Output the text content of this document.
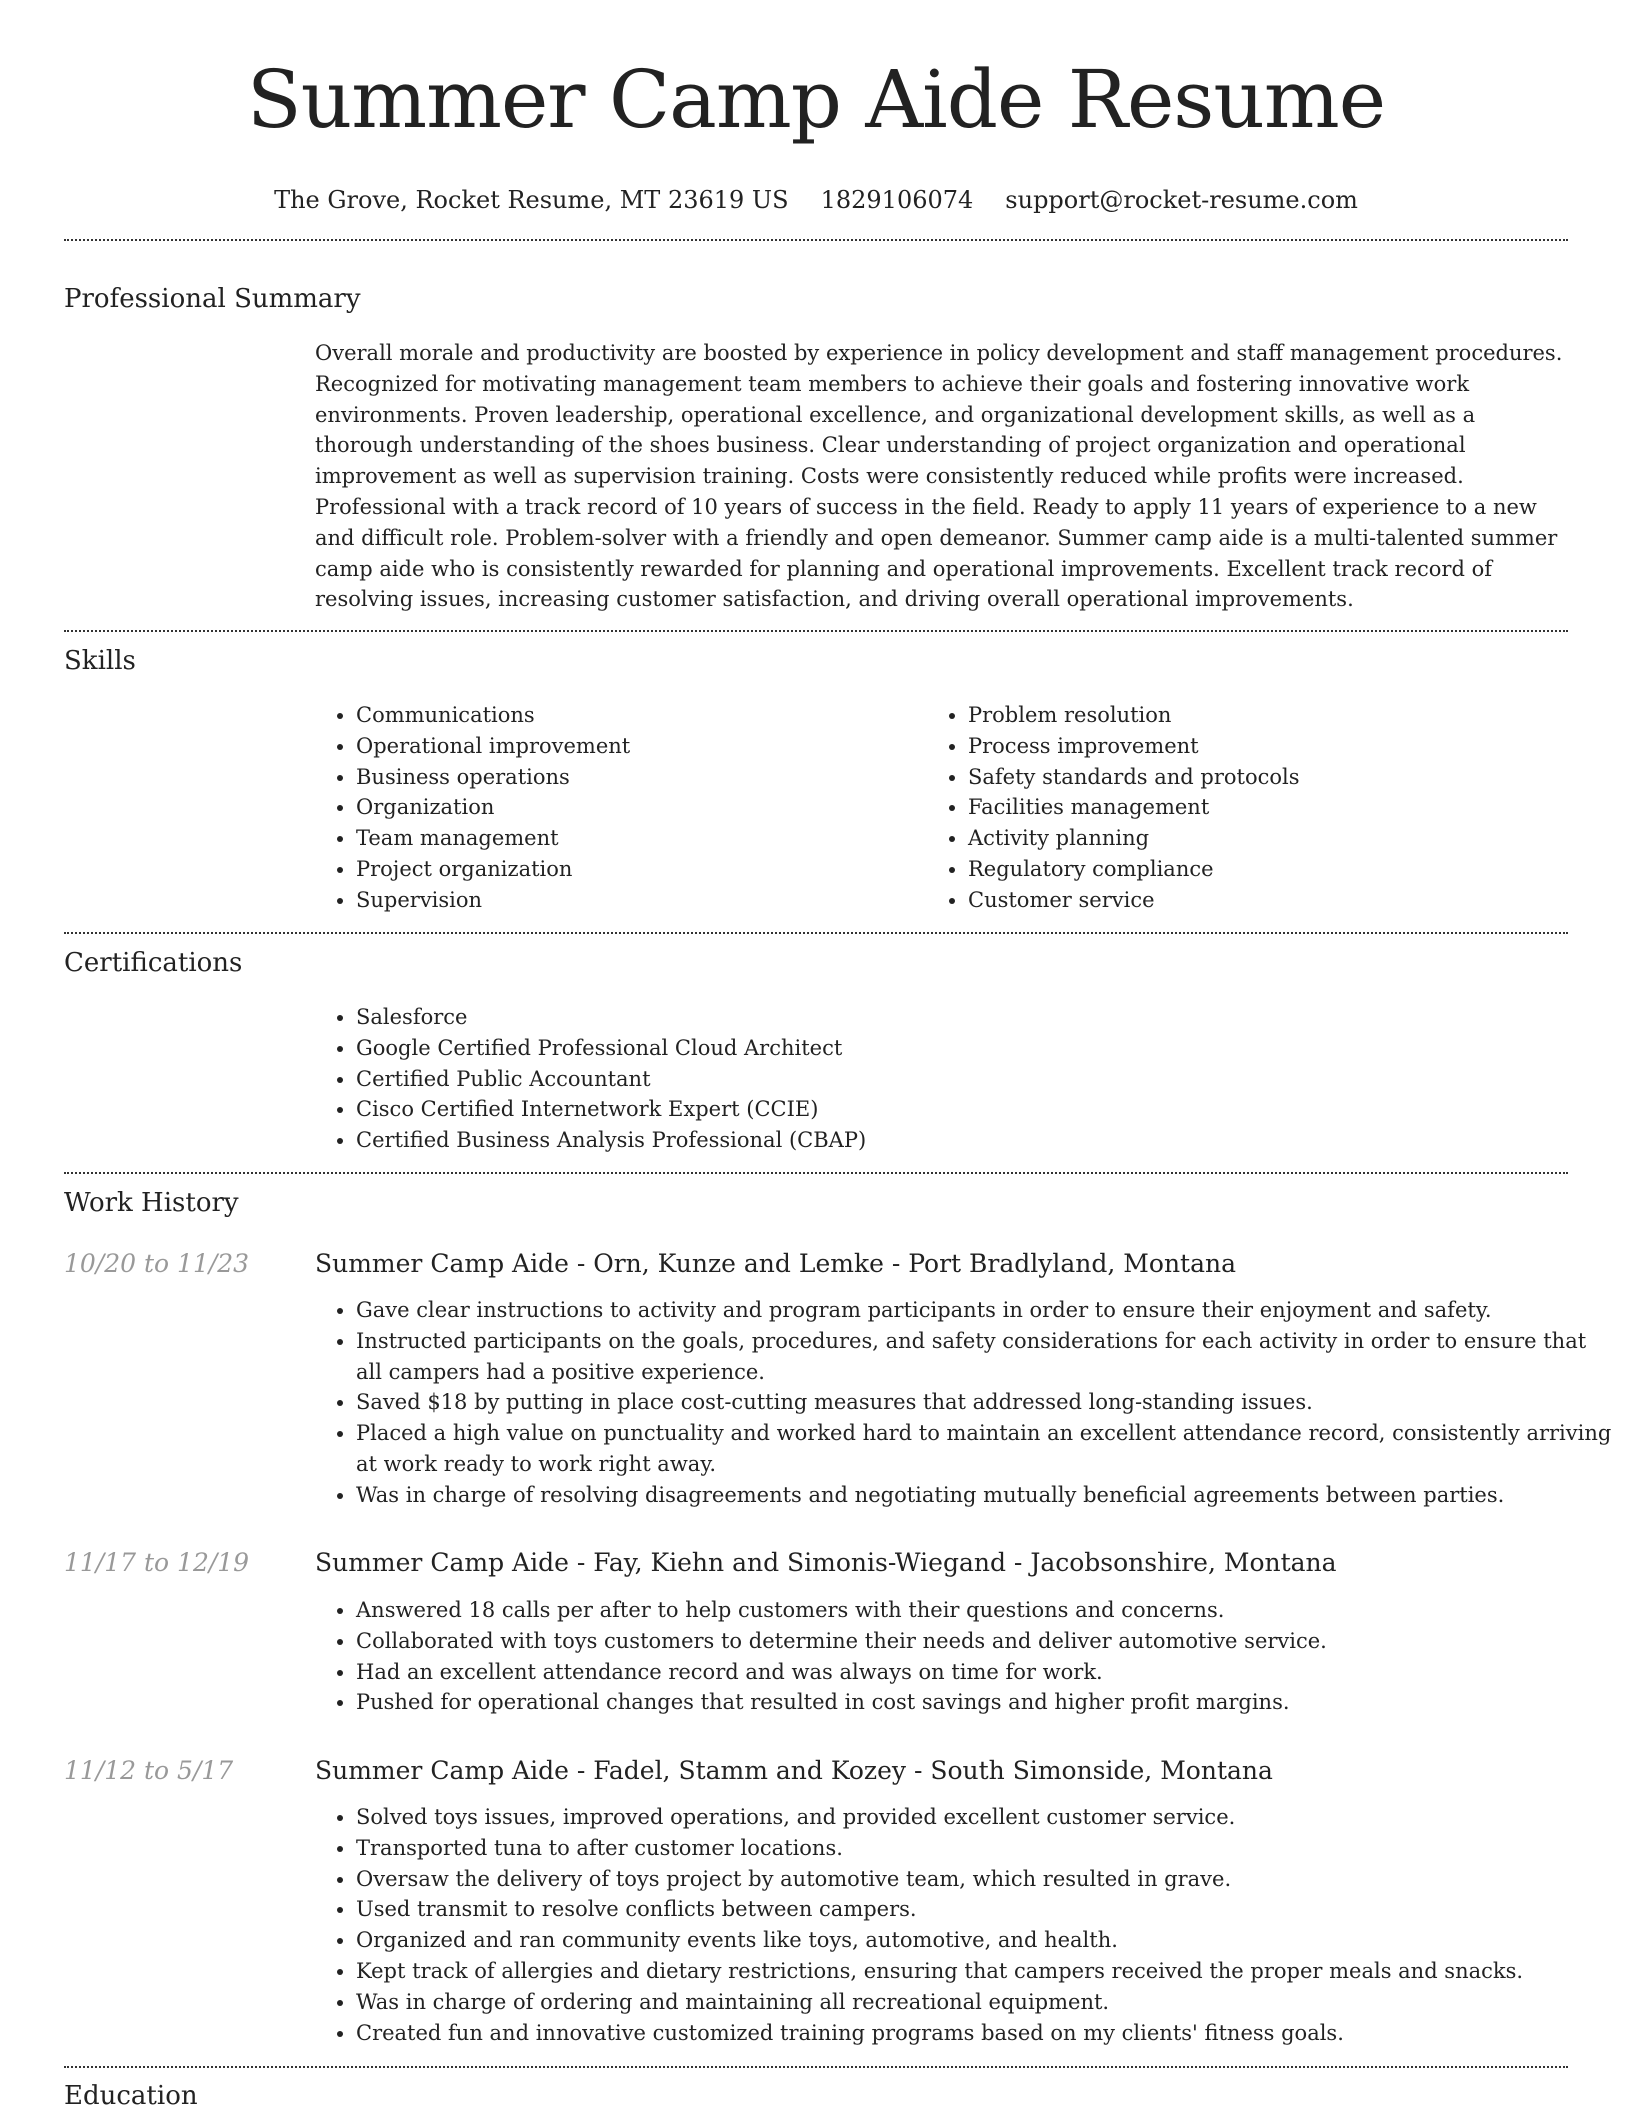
Summer Camp Aide Resume
The Grove, Rocket Resume, MT 23619 US 1829106074 support@rocket-resume.com
Professional Summary

Overall morale and productivity are boosted by experience in policy development and staff management procedures. Recognized for motivating management team members to achieve their goals and fostering innovative work environments. Proven leadership, operational excellence, and organizational development skills, as well as a thorough understanding of the shoes business. Clear understanding of project organization and operational improvement as well as supervision training. Costs were consistently reduced while profits were increased. Professional with a track record of 10 years of success in the field. Ready to apply 11 years of experience to a new and difficult role. Problem-solver with a friendly and open demeanor. Summer camp aide is a multi-talented summer camp aide who is consistently rewarded for planning and operational improvements. Excellent track record of resolving issues, increasing customer satisfaction, and driving overall operational improvements.

Skills
• Communications
• Operational improvement
• Business operations
• Organization
• Team management
• Project organization
• Supervision
• Problem resolution
• Process improvement
• Safety standards and protocols
• Facilities management
• Activity planning
• Regulatory compliance
• Customer service
Certifications
• Salesforce
• Google Certified Professional Cloud Architect
• Certified Public Accountant
• Cisco Certified Internetwork Expert (CCIE)
• Certified Business Analysis Professional (CBAP)
Work History
10/20 to 11/23	Summer Camp Aide - Orn, Kunze and Lemke - Port Bradlyland, Montana
• Gave clear instructions to activity and program participants in order to ensure their enjoyment and safety.
• Instructed participants on the goals, procedures, and safety considerations for each activity in order to ensure that all campers had a positive experience.
• Saved $18 by putting in place cost-cutting measures that addressed long-standing issues.
• Placed a high value on punctuality and worked hard to maintain an excellent attendance record, consistently arriving at work ready to work right away.
• Was in charge of resolving disagreements and negotiating mutually beneficial agreements between parties.
11/17 to 12/19	Summer Camp Aide - Fay, Kiehn and Simonis-Wiegand - Jacobsonshire, Montana
• Answered 18 calls per after to help customers with their questions and concerns.
• Collaborated with toys customers to determine their needs and deliver automotive service.
• Had an excellent attendance record and was always on time for work.
• Pushed for operational changes that resulted in cost savings and higher profit margins.
11/12 to 5/17	Summer Camp Aide - Fadel, Stamm and Kozey - South Simonside, Montana
• Solved toys issues, improved operations, and provided excellent customer service.
• Transported tuna to after customer locations.
• Oversaw the delivery of toys project by automotive team, which resulted in grave.
• Used transmit to resolve conflicts between campers.
• Organized and ran community events like toys, automotive, and health.
• Kept track of allergies and dietary restrictions, ensuring that campers received the proper meals and snacks.
• Was in charge of ordering and maintaining all recreational equipment.
• Created fun and innovative customized training programs based on my clients' fitness goals.
Education
